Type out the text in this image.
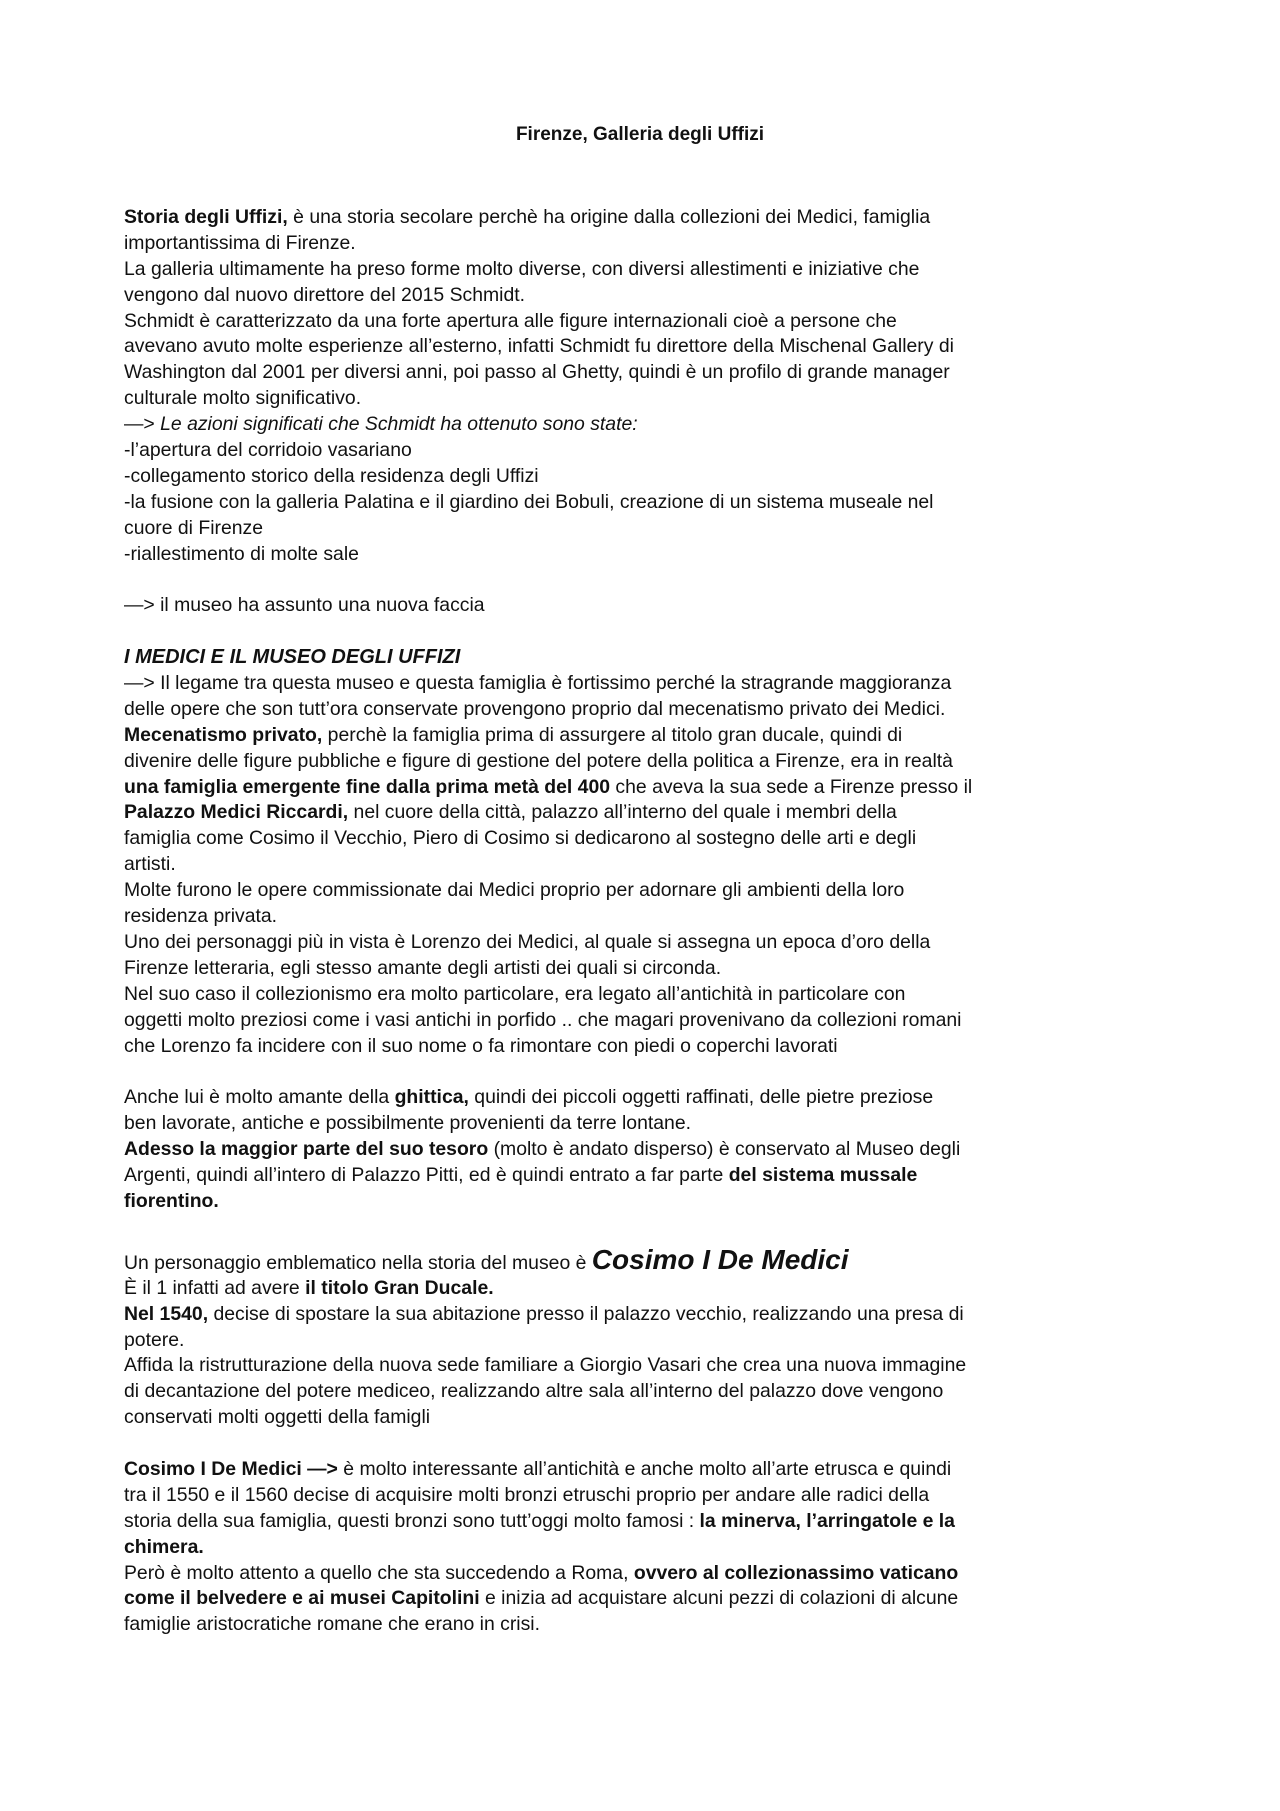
Firenze, Galleria degli Uffizi
Storia degli Uffizi, è una storia secolare perchè ha origine dalla collezioni dei Medici, famiglia
importantissima di Firenze.
La galleria ultimamente ha preso forme molto diverse, con diversi allestimenti e iniziative che
vengono dal nuovo direttore del 2015 Schmidt.
Schmidt è caratterizzato da una forte apertura alle figure internazionali cioè a persone che
avevano avuto molte esperienze all’esterno, infatti Schmidt fu direttore della Mischenal Gallery di
Washington dal 2001 per diversi anni, poi passo al Ghetty, quindi è un profilo di grande manager
culturale molto significativo.
—> Le azioni significati che Schmidt ha ottenuto sono state:
-l’apertura del corridoio vasariano
-collegamento storico della residenza degli Uffizi
-la fusione con la galleria Palatina e il giardino dei Bobuli, creazione di un sistema museale nel
cuore di Firenze
-riallestimento di molte sale
—> il museo ha assunto una nuova faccia
I MEDICI E IL MUSEO DEGLI UFFIZI
—> Il legame tra questa museo e questa famiglia è fortissimo perché la stragrande maggioranza
delle opere che son tutt’ora conservate provengono proprio dal mecenatismo privato dei Medici.
Mecenatismo privato, perchè la famiglia prima di assurgere al titolo gran ducale, quindi di
divenire delle figure pubbliche e figure di gestione del potere della politica a Firenze, era in realtà
una famiglia emergente fine dalla prima metà del 400 che aveva la sua sede a Firenze presso il
Palazzo Medici Riccardi, nel cuore della città, palazzo all’interno del quale i membri della
famiglia come Cosimo il Vecchio, Piero di Cosimo si dedicarono al sostegno delle arti e degli
artisti.
Molte furono le opere commissionate dai Medici proprio per adornare gli ambienti della loro
residenza privata.
Uno dei personaggi più in vista è Lorenzo dei Medici, al quale si assegna un epoca d’oro della
Firenze letteraria, egli stesso amante degli artisti dei quali si circonda.
Nel suo caso il collezionismo era molto particolare, era legato all’antichità in particolare con
oggetti molto preziosi come i vasi antichi in porfido .. che magari provenivano da collezioni romani
che Lorenzo fa incidere con il suo nome o fa rimontare con piedi o coperchi lavorati
Anche lui è molto amante della ghittica, quindi dei piccoli oggetti raffinati, delle pietre preziose
ben lavorate, antiche e possibilmente provenienti da terre lontane.
Adesso la maggior parte del suo tesoro (molto è andato disperso) è conservato al Museo degli
Argenti, quindi all’intero di Palazzo Pitti, ed è quindi entrato a far parte del sistema mussale
fiorentino.
Un personaggio emblematico nella storia del museo è Cosimo I De Medici
È il 1 infatti ad avere il titolo Gran Ducale.
Nel 1540, decise di spostare la sua abitazione presso il palazzo vecchio, realizzando una presa di
potere.
Affida la ristrutturazione della nuova sede familiare a Giorgio Vasari che crea una nuova immagine
di decantazione del potere mediceo, realizzando altre sala all’interno del palazzo dove vengono
conservati molti oggetti della famigli
Cosimo I De Medici —> è molto interessante all’antichità e anche molto all’arte etrusca e quindi
tra il 1550 e il 1560 decise di acquisire molti bronzi etruschi proprio per andare alle radici della
storia della sua famiglia, questi bronzi sono tutt’oggi molto famosi : la minerva, l’arringatole e la
chimera.
Però è molto attento a quello che sta succedendo a Roma, ovvero al collezionassimo vaticano
come il belvedere e ai musei Capitolini e inizia ad acquistare alcuni pezzi di colazioni di alcune
famiglie aristocratiche romane che erano in crisi.
